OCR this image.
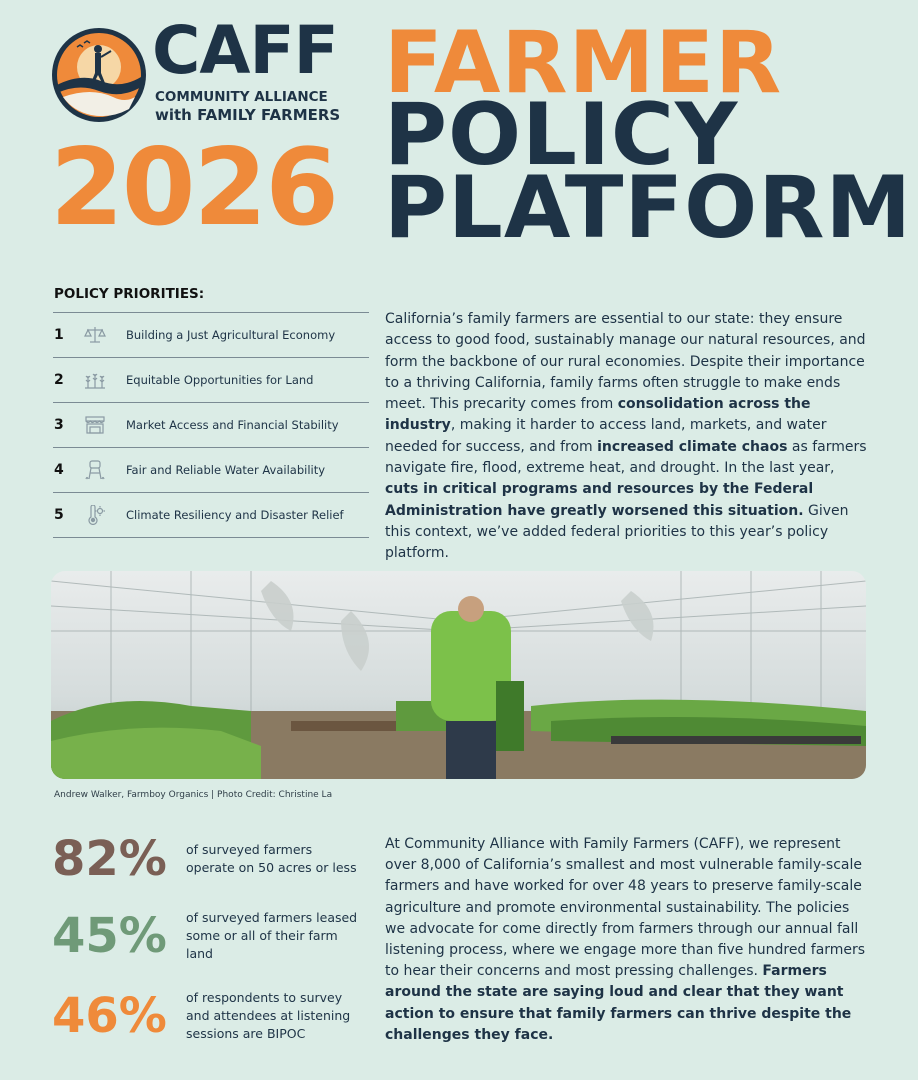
CAFF
COMMUNITY ALLIANCE
with FAMILY FARMERS
2026
FARMER
POLICY
PLATFORM
POLICY PRIORITIES:
1	Building a Just Agricultural Economy
2	Equitable Opportunities for Land
3	Market Access and Financial Stability
4	Fair and Reliable Water Availability
5	Climate Resiliency and Disaster Relief
California’s family farmers are essential to our state: they ensure access to good food, sustainably manage our natural resources, and form the backbone of our rural economies. Despite their importance to a thriving California, family farms often struggle to make ends meet. This precarity comes from consolidation across the industry, making it harder to access land, markets, and water needed for success, and from increased climate chaos as farmers navigate fire, flood, extreme heat, and drought. In the last year, cuts in critical programs and resources by the Federal Administration have greatly worsened this situation. Given this context, we’ve added federal priorities to this year’s policy platform.
Andrew Walker, Farmboy Organics | Photo Credit: Christine La
82% of surveyed farmers operate on 50 acres or less
45% of surveyed farmers leased some or all of their farm land
46% of respondents to survey and attendees at listening sessions are BIPOC
At Community Alliance with Family Farmers (CAFF), we represent over 8,000 of California’s smallest and most vulnerable family-scale farmers and have worked for over 48 years to preserve family-scale agriculture and promote environmental sustainability. The policies we advocate for come directly from farmers through our annual fall listening process, where we engage more than five hundred farmers to hear their concerns and most pressing challenges. Farmers around the state are saying loud and clear that they want action to ensure that family farmers can thrive despite the challenges they face.
